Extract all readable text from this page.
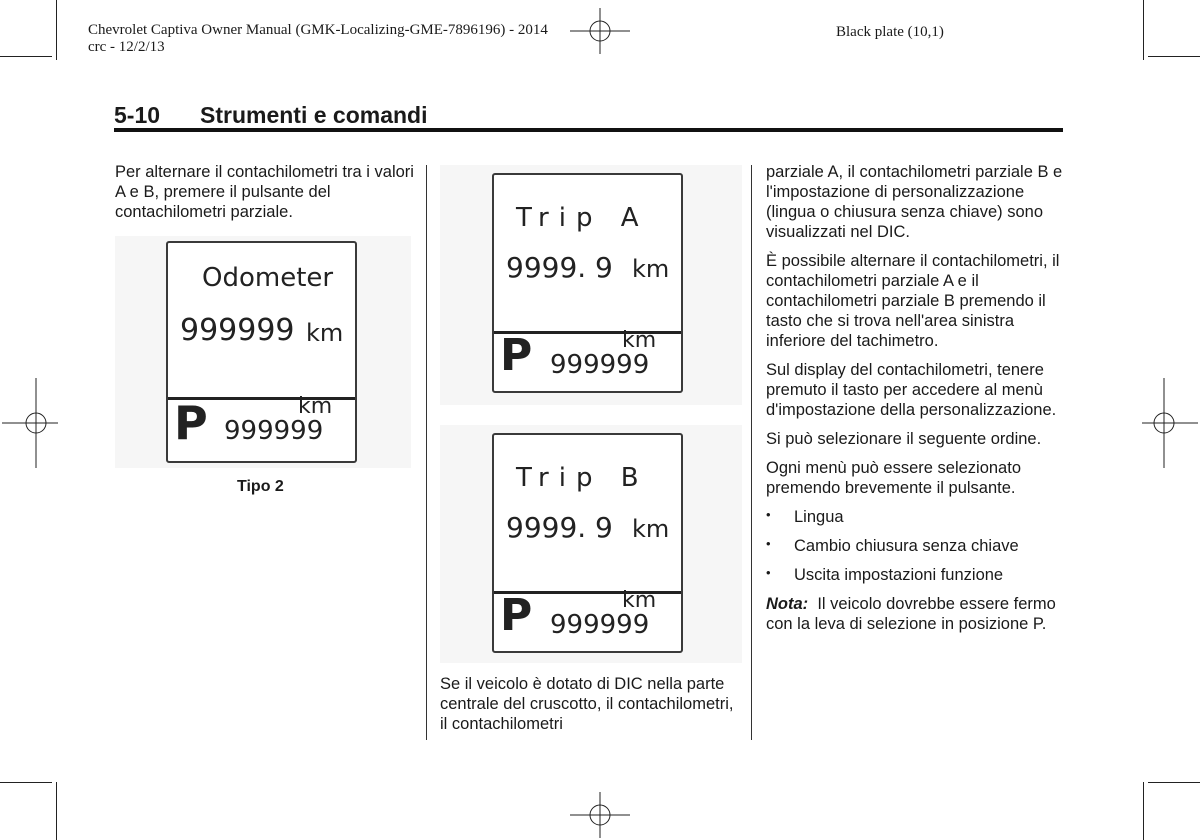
Chevrolet Captiva Owner Manual (GMK-Localizing-GME-7896196) - 2014
crc - 12/2/13
Black plate (10,1)
5-10 Strumenti e comandi

Per alternare il contachilometri tra i valori A e B, premere il pulsante del contachilometri parziale.

Odometer
999999 km
P	km
999999
Tipo 2
Trip A
9999. 9 km
P	km
999999
Trip B
9999. 9 km
P	km
999999

Se il veicolo è dotato di DIC nella parte centrale del cruscotto, il contachilometri, il contachilometri

parziale A, il contachilometri parziale B e l'impostazione di personalizzazione (lingua o chiusura senza chiave) sono visualizzati nel DIC.

È possibile alternare il contachilometri, il contachilometri parziale A e il contachilometri parziale B premendo il tasto che si trova nell'area sinistra inferiore del tachimetro.

Sul display del contachilometri, tenere premuto il tasto per accedere al menù d'impostazione della personalizzazione.

Si può selezionare il seguente ordine.

Ogni menù può essere selezionato premendo brevemente il pulsante.

• Lingua
• Cambio chiusura senza chiave
• Uscita impostazioni funzione

Nota: Il veicolo dovrebbe essere fermo con la leva di selezione in posizione P.
